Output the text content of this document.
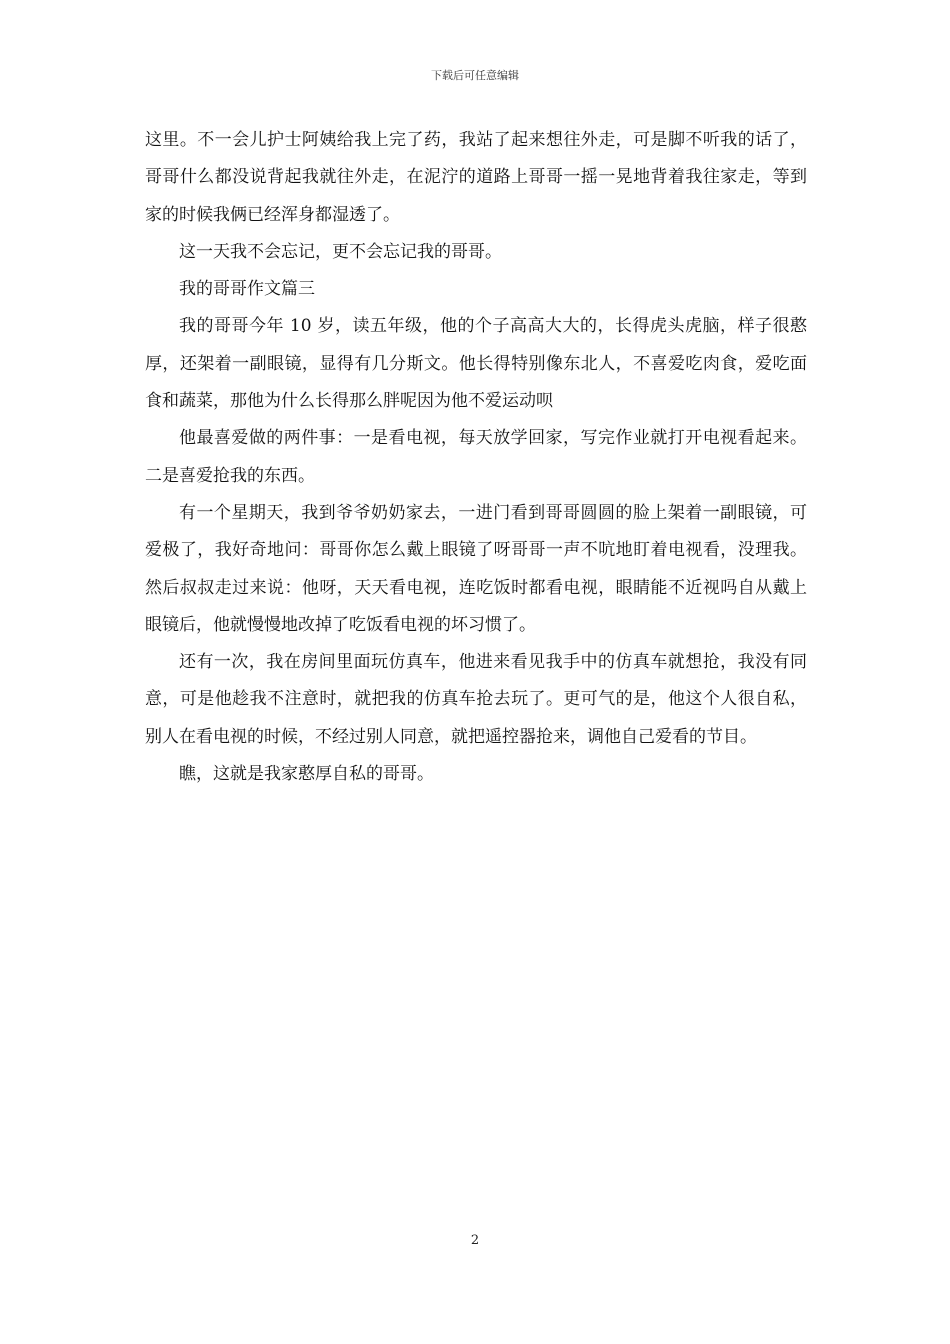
下载后可任意编辑

这里。不一会儿护士阿姨给我上完了药，我站了起来想往外走，可是脚不听我的话了，哥哥什么都没说背起我就往外走，在泥泞的道路上哥哥一摇一晃地背着我往家走，等到家的时候我俩已经浑身都湿透了。

这一天我不会忘记，更不会忘记我的哥哥。

我的哥哥作文篇三

我的哥哥今年 10 岁，读五年级，他的个子高高大大的，长得虎头虎脑，样子很憨厚，还架着一副眼镜，显得有几分斯文。他长得特别像东北人，不喜爱吃肉食，爱吃面食和蔬菜，那他为什么长得那么胖呢因为他不爱运动呗

他最喜爱做的两件事：一是看电视，每天放学回家，写完作业就打开电视看起来。二是喜爱抢我的东西。

有一个星期天，我到爷爷奶奶家去，一进门看到哥哥圆圆的脸上架着一副眼镜，可爱极了，我好奇地问：哥哥你怎么戴上眼镜了呀哥哥一声不吭地盯着电视看，没理我。然后叔叔走过来说：他呀，天天看电视，连吃饭时都看电视，眼睛能不近视吗自从戴上眼镜后，他就慢慢地改掉了吃饭看电视的坏习惯了。

还有一次，我在房间里面玩仿真车，他进来看见我手中的仿真车就想抢，我没有同意，可是他趁我不注意时，就把我的仿真车抢去玩了。更可气的是，他这个人很自私，别人在看电视的时候，不经过别人同意，就把遥控器抢来，调他自己爱看的节目。

瞧，这就是我家憨厚自私的哥哥。

2
